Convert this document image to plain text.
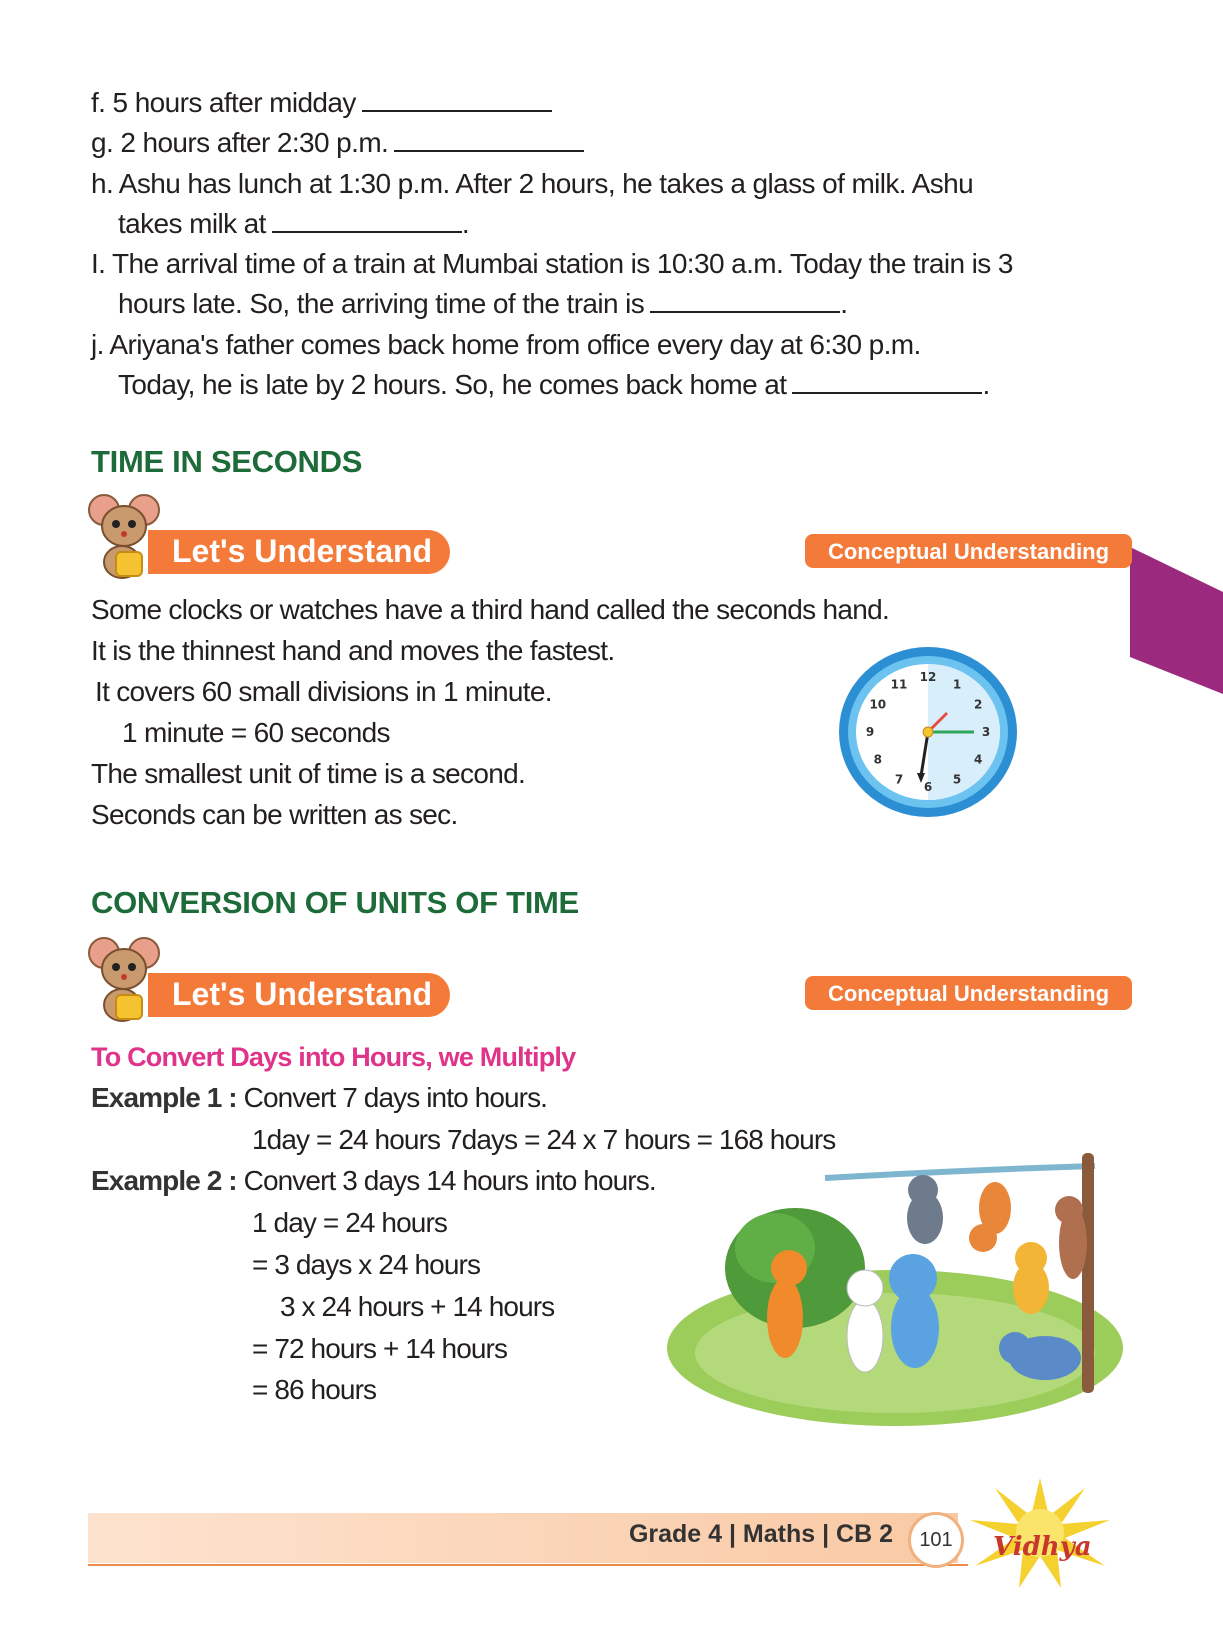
f. 5 hours after midday
g. 2 hours after 2:30 p.m.
h. Ashu has lunch at 1:30 p.m. After 2 hours, he takes a glass of milk. Ashu
takes milk at	.
I. The arrival time of a train at Mumbai station is 10:30 a.m. Today the train is 3
hours late. So, the arriving time of the train is	.
j. Ariyana's father comes back home from office every day at 6:30 p.m.
Today, he is late by 2 hours. So, he comes back home at	.
TIME IN SECONDS
Let's Understand	Conceptual Understanding
Some clocks or watches have a third hand called the seconds hand.
It is the thinnest hand and moves the fastest.
It covers 60 small divisions in 1 minute.
1 minute = 60 seconds
The smallest unit of time is a second.
Seconds can be written as sec.
12
1
2
3
4
5
6
7
8
9
10
11
CONVERSION OF UNITS OF TIME
Let's Understand	Conceptual Understanding
To Convert Days into Hours, we Multiply
Example 1 : Convert 7 days into hours.
1day = 24 hours 7days = 24 x 7 hours = 168 hours
Example 2 : Convert 3 days 14 hours into hours.
1 day = 24 hours
= 3 days x 24 hours
3 x 24 hours + 14 hours
= 72 hours + 14 hours
= 86 hours
Grade 4 | Maths | CB 2	101	Vidhya
